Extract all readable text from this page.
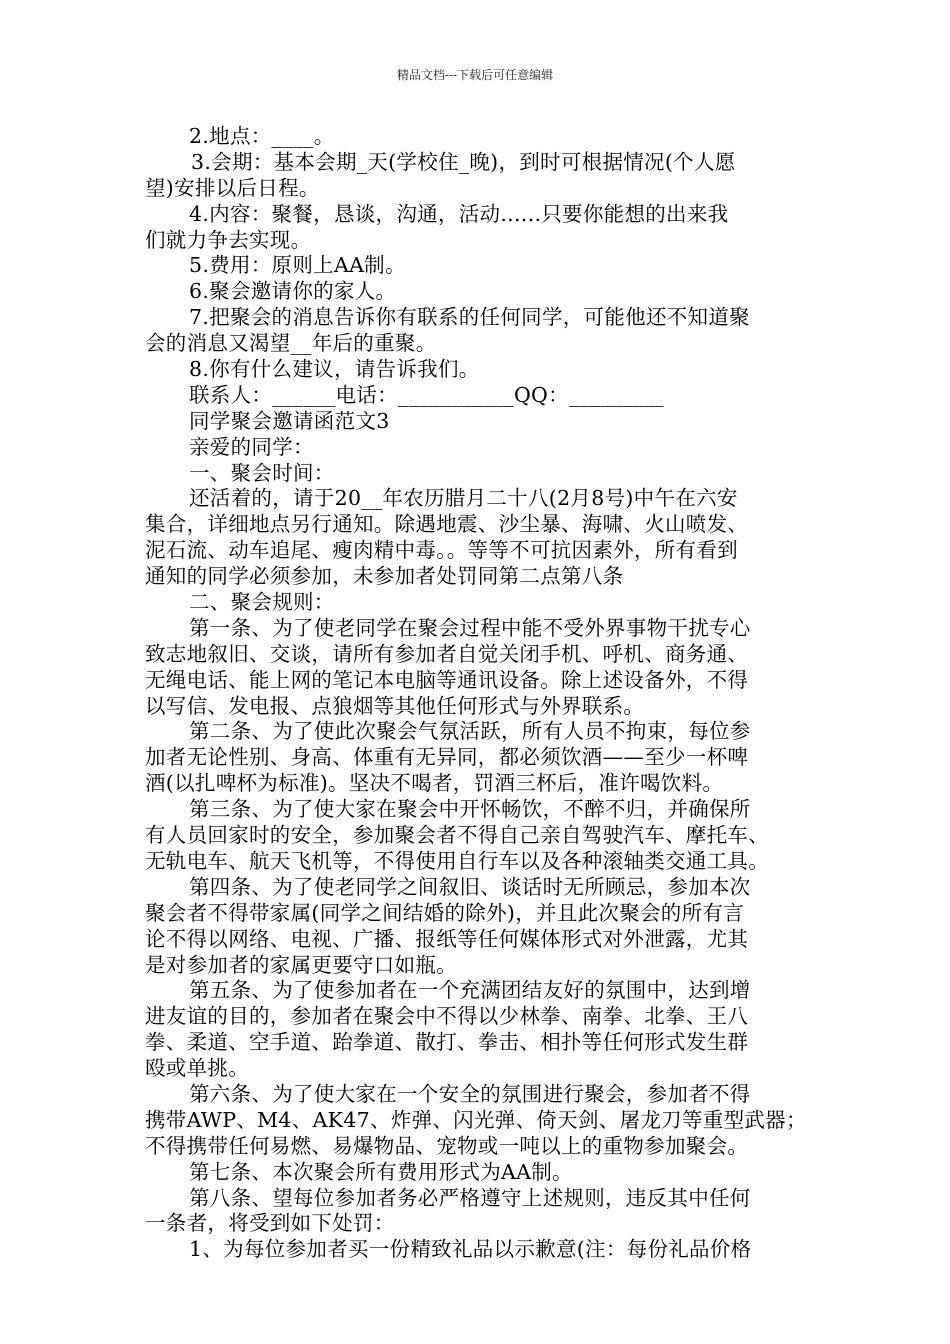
精品文档---下载后可任意编辑
2.地点：____。
3.会期：基本会期_天(学校住_晚)，到时可根据情况(个人愿
望)安排以后日程。
4.内容：聚餐，恳谈，沟通，活动......只要你能想的出来我
们就力争去实现。
5.费用：原则上AA制。
6.聚会邀请你的家人。
7.把聚会的消息告诉你有联系的任何同学，可能他还不知道聚
会的消息又渴望__年后的重聚。
8.你有什么建议，请告诉我们。
联系人：______电话：___________QQ：_________
同学聚会邀请函范文3
亲爱的同学：
一、聚会时间：
还活着的，请于20__年农历腊月二十八(2月8号)中午在六安
集合，详细地点另行通知。除遇地震、沙尘暴、海啸、火山喷发、
泥石流、动车追尾、瘦肉精中毒。。等等不可抗因素外，所有看到
通知的同学必须参加，未参加者处罚同第二点第八条
二、聚会规则：
第一条、为了使老同学在聚会过程中能不受外界事物干扰专心
致志地叙旧、交谈，请所有参加者自觉关闭手机、呼机、商务通、
无绳电话、能上网的笔记本电脑等通讯设备。除上述设备外，不得
以写信、发电报、点狼烟等其他任何形式与外界联系。
第二条、为了使此次聚会气氛活跃，所有人员不拘束，每位参
加者无论性别、身高、体重有无异同，都必须饮酒——至少一杯啤
酒(以扎啤杯为标准)。坚决不喝者，罚酒三杯后，准许喝饮料。
第三条、为了使大家在聚会中开怀畅饮，不醉不归，并确保所
有人员回家时的安全，参加聚会者不得自己亲自驾驶汽车、摩托车、
无轨电车、航天飞机等，不得使用自行车以及各种滚轴类交通工具。
第四条、为了使老同学之间叙旧、谈话时无所顾忌，参加本次
聚会者不得带家属(同学之间结婚的除外)，并且此次聚会的所有言
论不得以网络、电视、广播、报纸等任何媒体形式对外泄露，尤其
是对参加者的家属更要守口如瓶。
第五条、为了使参加者在一个充满团结友好的氛围中，达到增
进友谊的目的，参加者在聚会中不得以少林拳、南拳、北拳、王八
拳、柔道、空手道、跆拳道、散打、拳击、相扑等任何形式发生群
殴或单挑。
第六条、为了使大家在一个安全的氛围进行聚会，参加者不得
携带AWP、M4、AK47、炸弹、闪光弹、倚天剑、屠龙刀等重型武器；
不得携带任何易燃、易爆物品、宠物或一吨以上的重物参加聚会。
第七条、本次聚会所有费用形式为AA制。
第八条、望每位参加者务必严格遵守上述规则，违反其中任何
一条者，将受到如下处罚：
1、为每位参加者买一份精致礼品以示歉意(注：每份礼品价格
